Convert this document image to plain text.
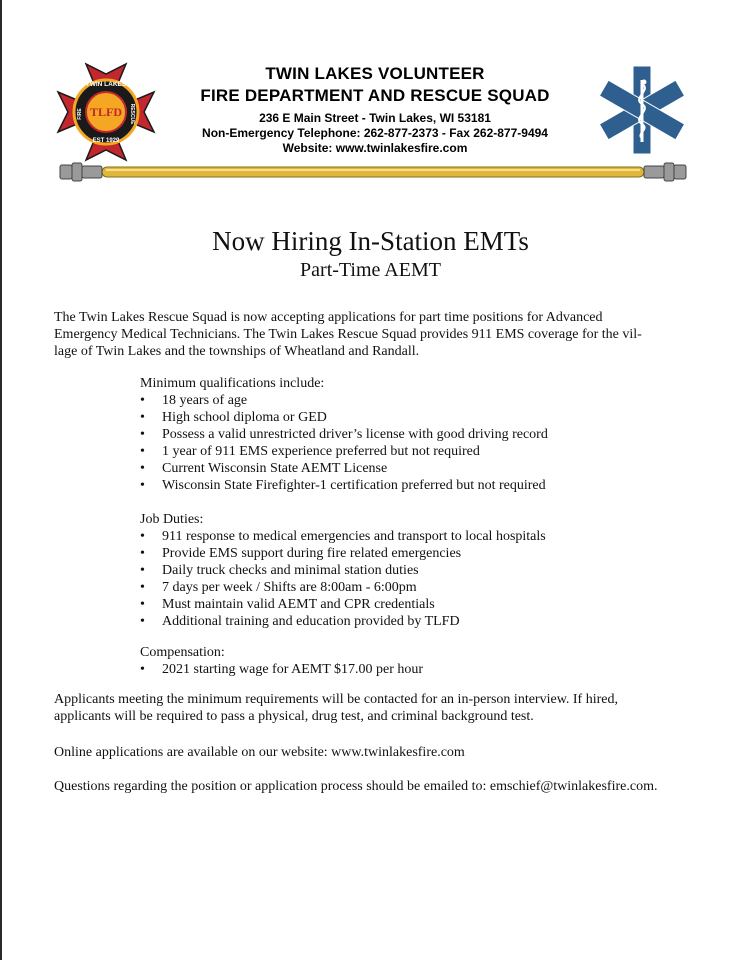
TWIN LAKES
TLFD
EST 1929
FIRE	RESCUE
TWIN LAKES VOLUNTEER
FIRE DEPARTMENT AND RESCUE SQUAD
236 E Main Street - Twin Lakes, WI 53181
Non-Emergency Telephone: 262-877-2373 - Fax 262-877-9494
Website: www.twinlakesfire.com
Now Hiring In-Station EMTs
Part-Time AEMT
The Twin Lakes Rescue Squad is now accepting applications for part time positions for Advanced
Emergency Medical Technicians. The Twin Lakes Rescue Squad provides 911 EMS coverage for the vil-
lage of Twin Lakes and the townships of Wheatland and Randall.

Minimum qualifications include:

• 18 years of age
• High school diploma or GED
• Possess a valid unrestricted driver’s license with good driving record
• 1 year of 911 EMS experience preferred but not required
• Current Wisconsin State AEMT License
• Wisconsin State Firefighter-1 certification preferred but not required

Job Duties:

• 911 response to medical emergencies and transport to local hospitals
• Provide EMS support during fire related emergencies
• Daily truck checks and minimal station duties
• 7 days per week / Shifts are 8:00am - 6:00pm
• Must maintain valid AEMT and CPR credentials
• Additional training and education provided by TLFD

Compensation:

• 2021 starting wage for AEMT $17.00 per hour
Applicants meeting the minimum requirements will be contacted for an in-person interview. If hired,
applicants will be required to pass a physical, drug test, and criminal background test.
Online applications are available on our website: www.twinlakesfire.com
Questions regarding the position or application process should be emailed to: emschief@twinlakesfire.com.
